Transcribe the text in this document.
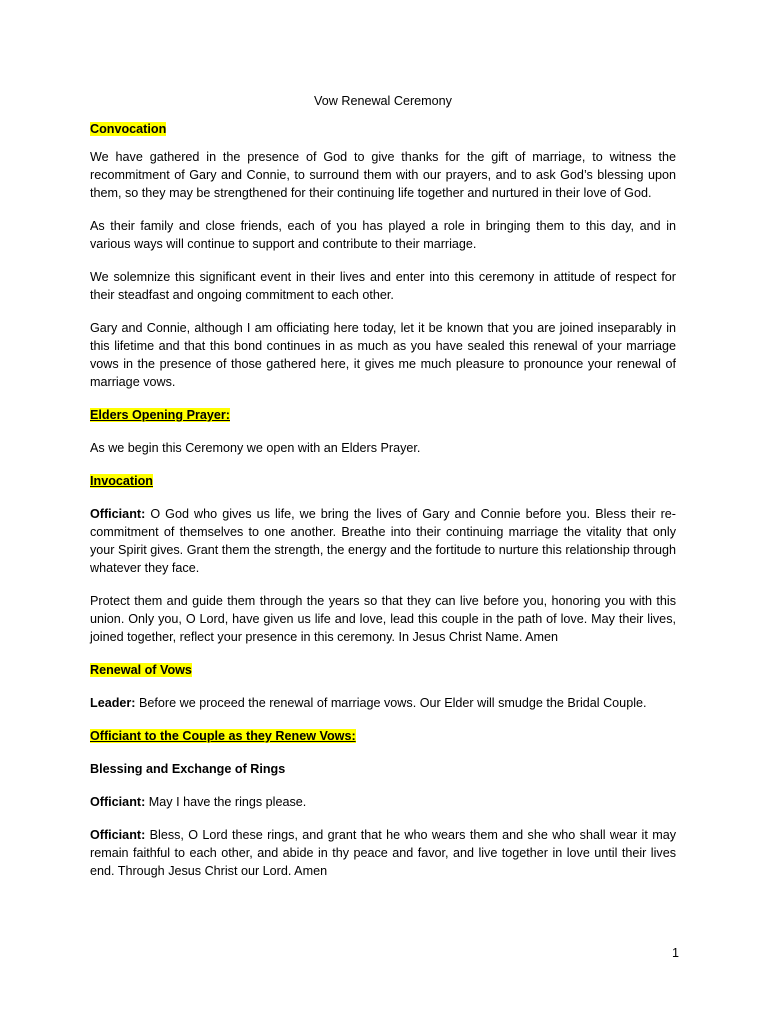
Vow Renewal Ceremony
Convocation
We have gathered in the presence of God to give thanks for the gift of marriage, to witness the recommitment of Gary and Connie, to surround them with our prayers, and to ask God’s blessing upon them, so they may be strengthened for their continuing life together and nurtured in their love of God.
As their family and close friends, each of you has played a role in bringing them to this day, and in various ways will continue to support and contribute to their marriage.
We solemnize this significant event in their lives and enter into this ceremony in attitude of respect for their steadfast and ongoing commitment to each other.
Gary and Connie, although I am officiating here today, let it be known that you are joined inseparably in this lifetime and that this bond continues in as much as you have sealed this renewal of your marriage vows in the presence of those gathered here, it gives me much pleasure to pronounce your renewal of marriage vows.
Elders Opening Prayer:
As we begin this Ceremony we open with an Elders Prayer.
Invocation
Officiant: O God who gives us life, we bring the lives of Gary and Connie before you. Bless their re-commitment of themselves to one another. Breathe into their continuing marriage the vitality that only your Spirit gives. Grant them the strength, the energy and the fortitude to nurture this relationship through whatever they face.
Protect them and guide them through the years so that they can live before you, honoring you with this union. Only you, O Lord, have given us life and love, lead this couple in the path of love. May their lives, joined together, reflect your presence in this ceremony. In Jesus Christ Name. Amen
Renewal of Vows
Leader: Before we proceed the renewal of marriage vows. Our Elder will smudge the Bridal Couple.
Officiant to the Couple as they Renew Vows:
Blessing and Exchange of Rings
Officiant: May I have the rings please.
Officiant: Bless, O Lord these rings, and grant that he who wears them and she who shall wear it may remain faithful to each other, and abide in thy peace and favor, and live together in love until their lives end. Through Jesus Christ our Lord. Amen
1
